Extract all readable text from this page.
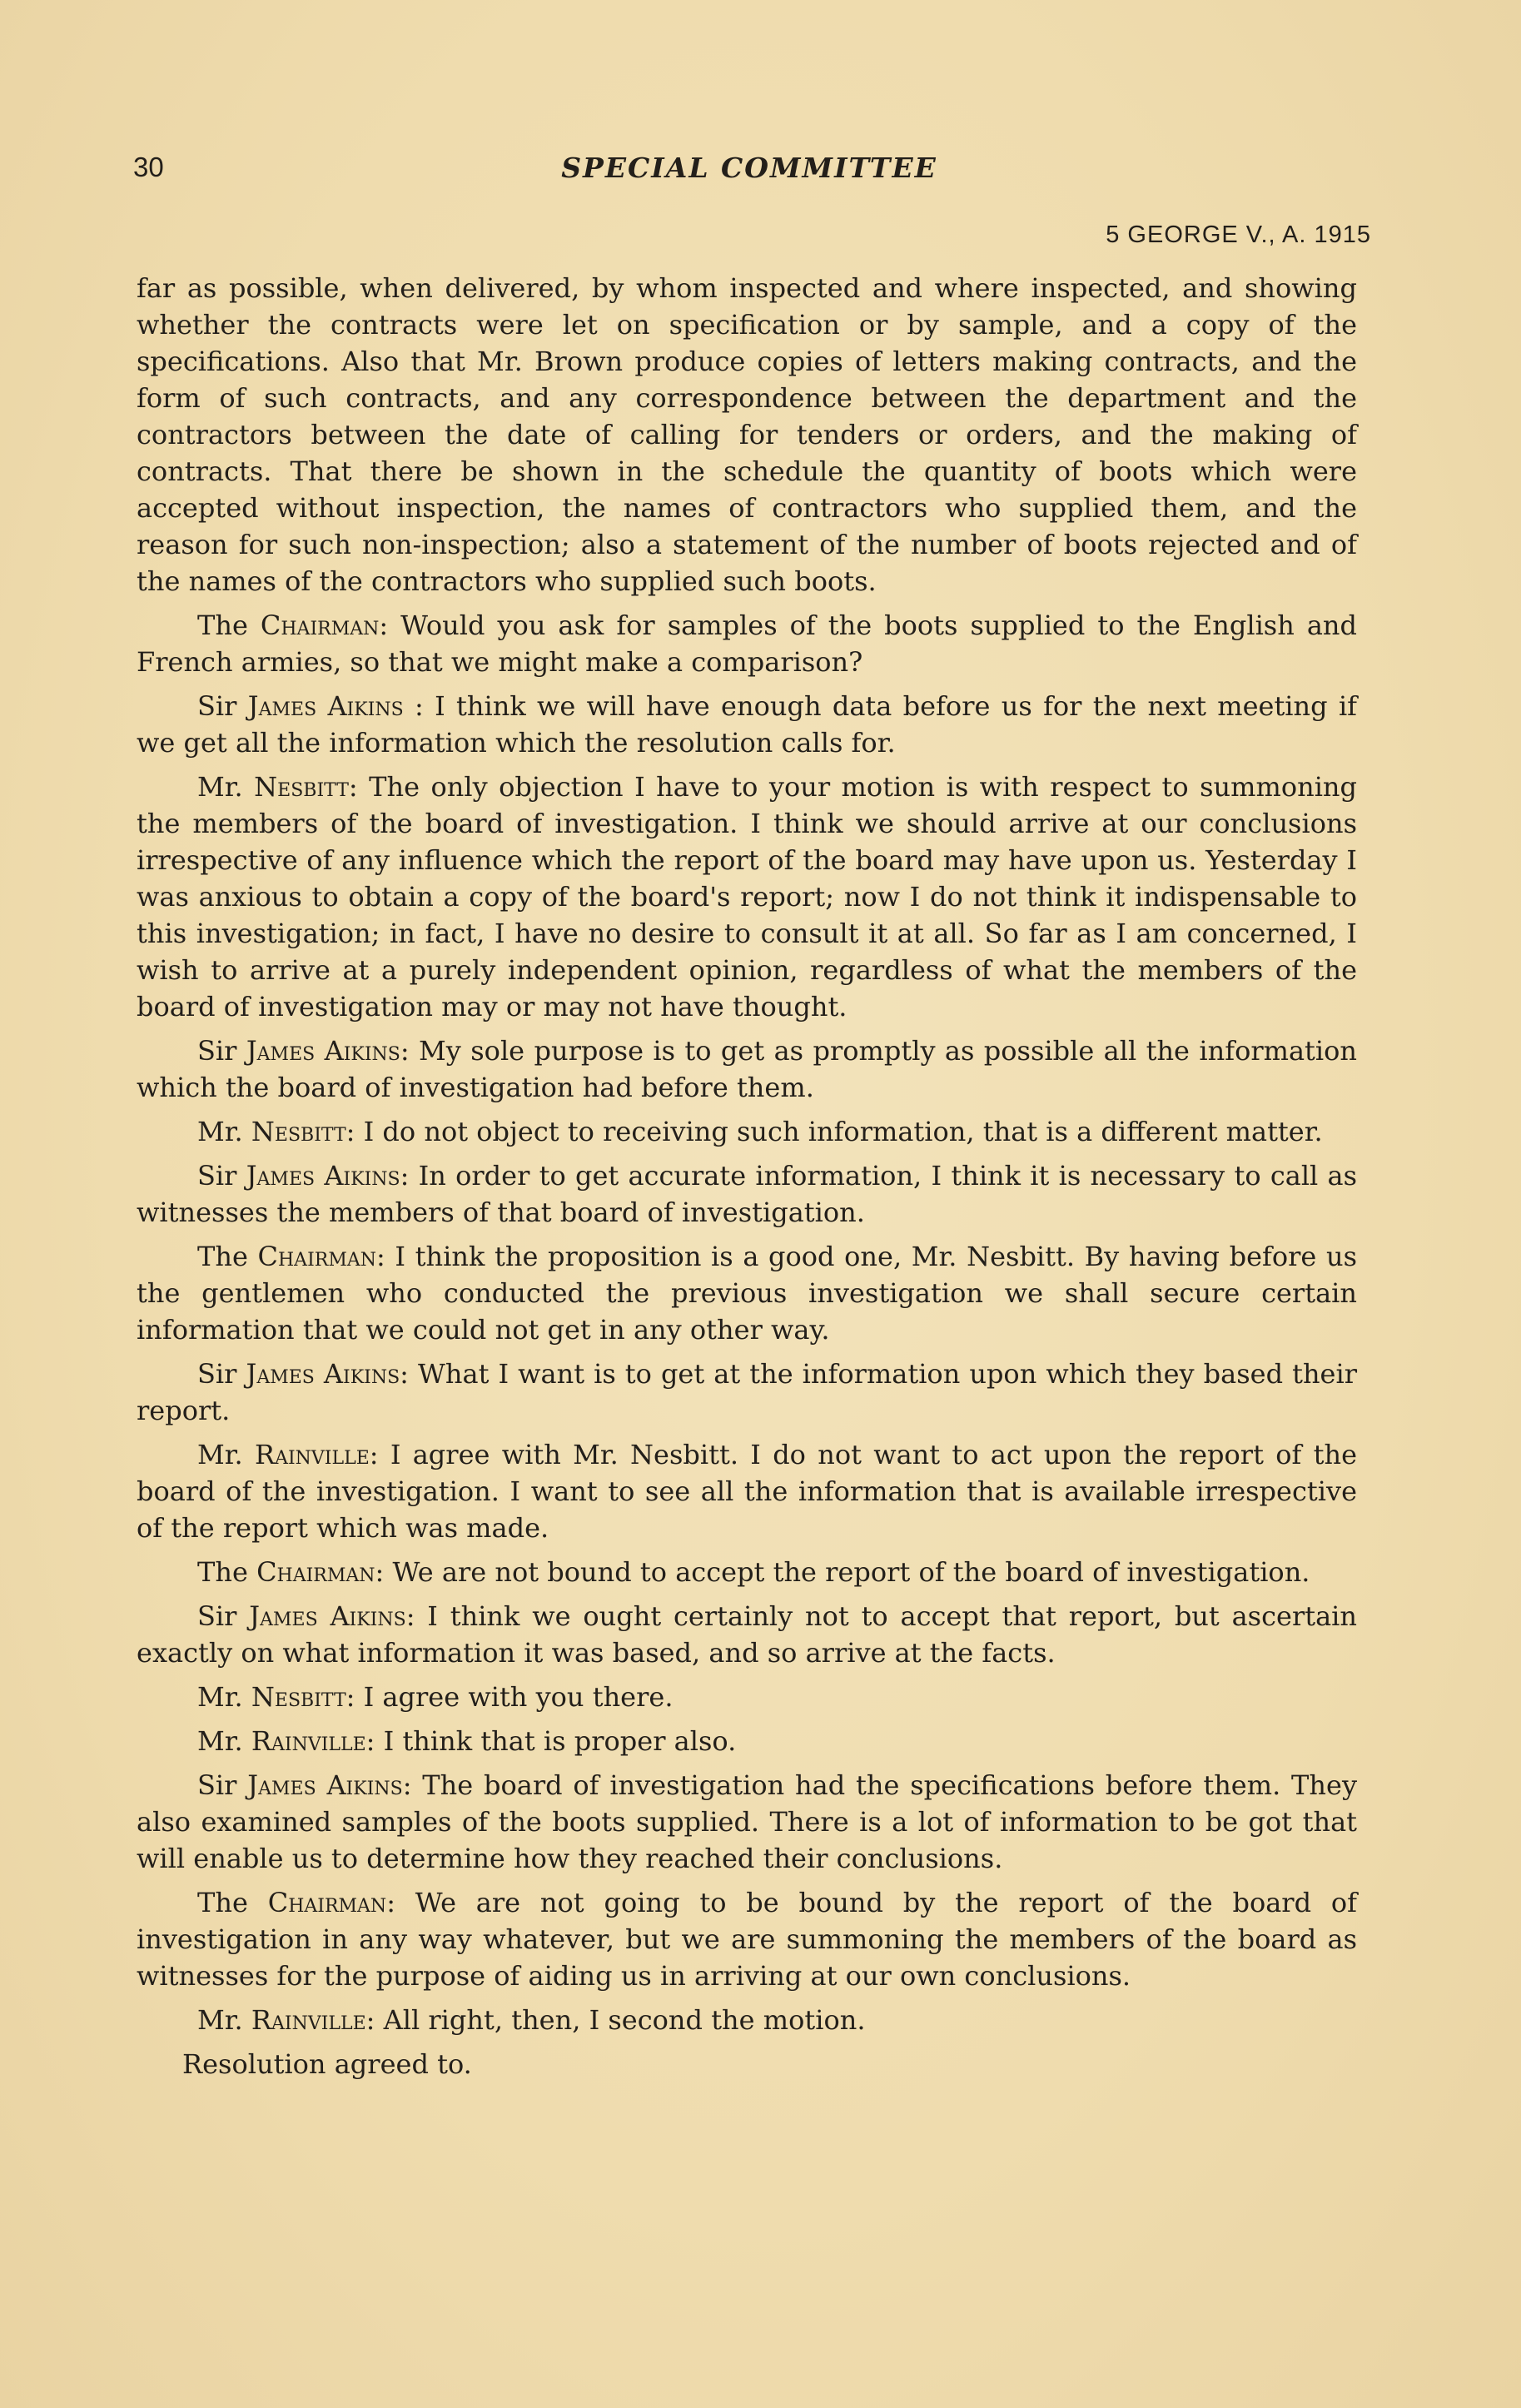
30	SPECIAL COMMITTEE
5 GEORGE V., A. 1915

far as possible, when delivered, by whom inspected and where inspected, and showing whether the contracts were let on specification or by sample, and a copy of the specifications. Also that Mr. Brown produce copies of letters making contracts, and the form of such contracts, and any correspondence between the department and the contractors between the date of calling for tenders or orders, and the making of contracts. That there be shown in the schedule the quantity of boots which were accepted without inspection, the names of contractors who supplied them, and the reason for such non-inspection; also a statement of the number of boots rejected and of the names of the contractors who supplied such boots.

The Chairman: Would you ask for samples of the boots supplied to the English and French armies, so that we might make a comparison?

Sir James Aikins : I think we will have enough data before us for the next meeting if we get all the information which the resolution calls for.

Mr. Nesbitt: The only objection I have to your motion is with respect to summoning the members of the board of investigation. I think we should arrive at our conclusions irrespective of any influence which the report of the board may have upon us. Yesterday I was anxious to obtain a copy of the board's report; now I do not think it indispensable to this investigation; in fact, I have no desire to consult it at all. So far as I am concerned, I wish to arrive at a purely independent opinion, regardless of what the members of the board of investigation may or may not have thought.

Sir James Aikins: My sole purpose is to get as promptly as possible all the information which the board of investigation had before them.

Mr. Nesbitt: I do not object to receiving such information, that is a different matter.

Sir James Aikins: In order to get accurate information, I think it is necessary to call as witnesses the members of that board of investigation.

The Chairman: I think the proposition is a good one, Mr. Nesbitt. By having before us the gentlemen who conducted the previous investigation we shall secure certain information that we could not get in any other way.

Sir James Aikins: What I want is to get at the information upon which they based their report.

Mr. Rainville: I agree with Mr. Nesbitt. I do not want to act upon the report of the board of the investigation. I want to see all the information that is available irrespective of the report which was made.

The Chairman: We are not bound to accept the report of the board of investigation.

Sir James Aikins: I think we ought certainly not to accept that report, but ascertain exactly on what information it was based, and so arrive at the facts.

Mr. Nesbitt: I agree with you there.

Mr. Rainville: I think that is proper also.

Sir James Aikins: The board of investigation had the specifications before them. They also examined samples of the boots supplied. There is a lot of information to be got that will enable us to determine how they reached their conclusions.

The Chairman: We are not going to be bound by the report of the board of investigation in any way whatever, but we are summoning the members of the board as witnesses for the purpose of aiding us in arriving at our own conclusions.

Mr. Rainville: All right, then, I second the motion.

Resolution agreed to.
